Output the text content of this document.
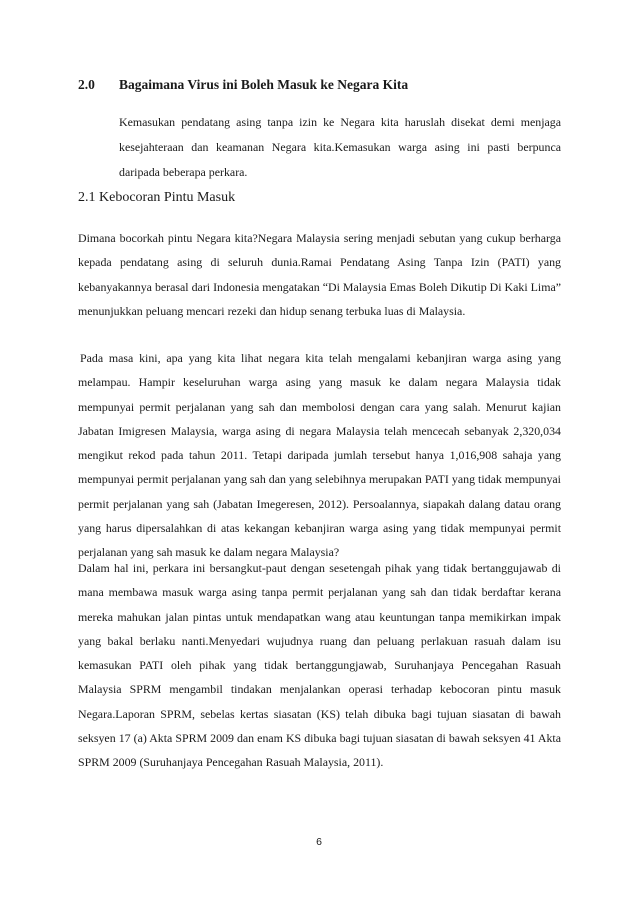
2.0 Bagaimana Virus ini Boleh Masuk ke Negara Kita

Kemasukan pendatang asing tanpa izin ke Negara kita haruslah disekat demi menjaga kesejahteraan dan keamanan Negara kita.Kemasukan warga asing ini pasti berpunca daripada beberapa perkara.

2.1 Kebocoran Pintu Masuk

Dimana bocorkah pintu Negara kita?Negara Malaysia sering menjadi sebutan yang cukup berharga kepada pendatang asing di seluruh dunia.Ramai Pendatang Asing Tanpa Izin (PATI) yang kebanyakannya berasal dari Indonesia mengatakan “Di Malaysia Emas Boleh Dikutip Di Kaki Lima” menunjukkan peluang mencari rezeki dan hidup senang terbuka luas di Malaysia.

Pada masa kini, apa yang kita lihat negara kita telah mengalami kebanjiran warga asing yang melampau. Hampir keseluruhan warga asing yang masuk ke dalam negara Malaysia tidak mempunyai permit perjalanan yang sah dan membolosi dengan cara yang salah. Menurut kajian Jabatan Imigresen Malaysia, warga asing di negara Malaysia telah mencecah sebanyak 2,320,034 mengikut rekod pada tahun 2011. Tetapi daripada jumlah tersebut hanya 1,016,908 sahaja yang mempunyai permit perjalanan yang sah dan yang selebihnya merupakan PATI yang tidak mempunyai permit perjalanan yang sah (Jabatan Imegeresen, 2012). Persoalannya, siapakah dalang datau orang yang harus dipersalahkan di atas kekangan kebanjiran warga asing yang tidak mempunyai permit perjalanan yang sah masuk ke dalam negara Malaysia?

Dalam hal ini, perkara ini bersangkut-paut dengan sesetengah pihak yang tidak bertanggujawab di mana membawa masuk warga asing tanpa permit perjalanan yang sah dan tidak berdaftar kerana mereka mahukan jalan pintas untuk mendapatkan wang atau keuntungan tanpa memikirkan impak yang bakal berlaku nanti.Menyedari wujudnya ruang dan peluang perlakuan rasuah dalam isu kemasukan PATI oleh pihak yang tidak bertanggungjawab, Suruhanjaya Pencegahan Rasuah Malaysia SPRM mengambil tindakan menjalankan operasi terhadap kebocoran pintu masuk Negara.Laporan SPRM, sebelas kertas siasatan (KS) telah dibuka bagi tujuan siasatan di bawah seksyen 17 (a) Akta SPRM 2009 dan enam KS dibuka bagi tujuan siasatan di bawah seksyen 41 Akta SPRM 2009 (Suruhanjaya Pencegahan Rasuah Malaysia, 2011).

6
